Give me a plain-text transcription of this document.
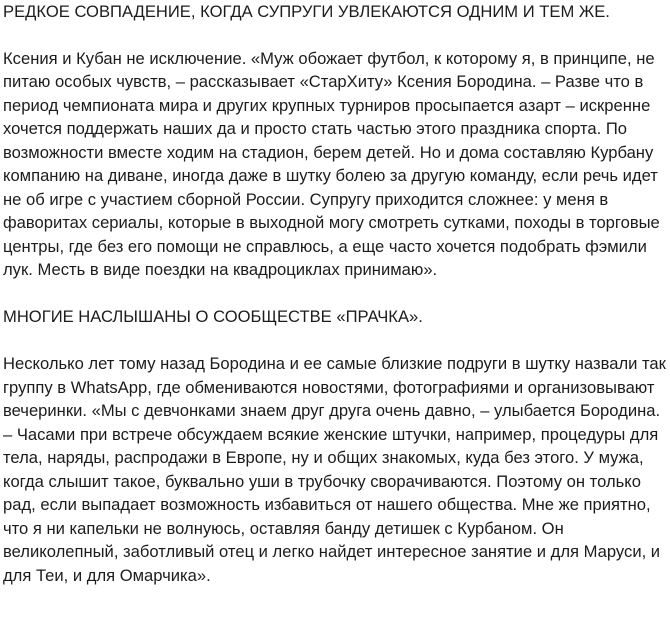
РЕДКОЕ СОВПАДЕНИЕ, КОГДА СУПРУГИ УВЛЕКАЮТСЯ ОДНИМ И ТЕМ ЖЕ.

Ксения и Кубан не исключение. «Муж обожает футбол, к которому я, в принципе, не питаю особых чувств, – рассказывает «СтарХиту» Ксения Бородина. – Разве что в период чемпионата мира и других крупных турниров просыпается азарт – искренне хочется поддержать наших да и просто стать частью этого праздника спорта. По возможности вместе ходим на стадион, берем детей. Но и дома составляю Курбану компанию на диване, иногда даже в шутку болею за другую команду, если речь идет не об игре с участием сборной России. Супругу приходится сложнее: у меня в фаворитах сериалы, которые в выходной могу смотреть сутками, походы в торговые центры, где без его помощи не справлюсь, а еще часто хочется подобрать фэмили лук. Месть в виде поездки на квадроциклах принимаю».

МНОГИЕ НАСЛЫШАНЫ О СООБЩЕСТВЕ «ПРАЧКА».

Несколько лет тому назад Бородина и ее самые близкие подруги в шутку назвали так группу в WhatsApp, где обмениваются новостями, фотографиями и организовывают вечеринки. «Мы с девчонками знаем друг друга очень давно, – улыбается Бородина. – Часами при встрече обсуждаем всякие женские штучки, например, процедуры для тела, наряды, распродажи в Европе, ну и общих знакомых, куда без этого. У мужа, когда слышит такое, буквально уши в трубочку сворачиваются. Поэтому он только рад, если выпадает возможность избавиться от нашего общества. Мне же приятно, что я ни капельки не волнуюсь, оставляя банду детишек с Курбаном. Он великолепный, заботливый отец и легко найдет интересное занятие и для Маруси, и для Теи, и для Омарчика».
